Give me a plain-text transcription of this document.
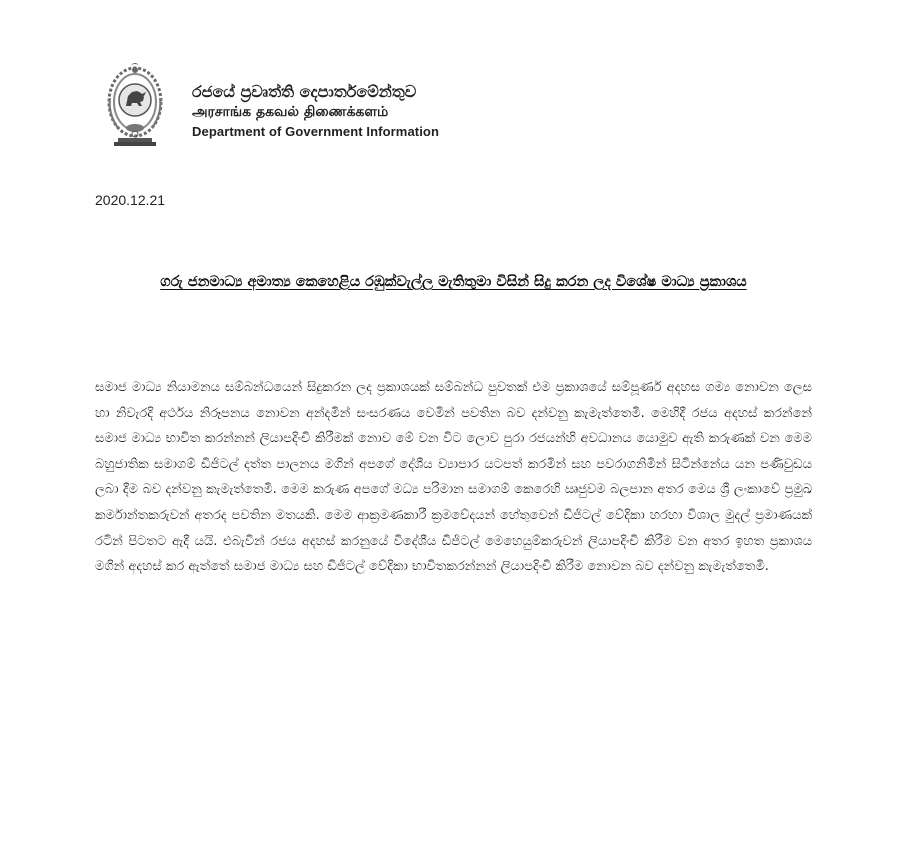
රජයේ ප්‍රවෘත්ති දෙපාර්තමේන්තුව
அரசாங்க தகவல் திணைக்களம்
Department of Government Information
2020.12.21
ගරු ජනමාධ්‍ය අමාත්‍ය කෙහෙළිය රඹුක්වැල්ල මැතිතුමා විසින් සිදු කරන ලද විශේෂ මාධ්‍ය ප්‍රකාශය

සමාජ මාධ්‍ය නියාමනය සම්බන්ධයෙන් සිදුකරන ලද ප්‍රකාශයක් සම්බන්ධ පුවතක් එම ප්‍රකාශයේ සම්පූර්ණ අදහස ගම්‍ය නොවන ලෙස හා නිවැරදි අර්ථය නිරූපනය නොවන අන්දමින් සංසරණය වෙමින් පවතින බව දන්වනු කැමැත්තෙමි. මෙහිදී රජය අදහස් කරන්නේ සමාජ මාධ්‍ය භාවිත කරන්නන් ලියාපදිංචි කිරීමක් නොව මේ වන විට ලොව පුරා රජයන්හි අවධානය යොමුව ඇති කරුණක් වන මෙම බහුජාතික සමාගම් ඩිජිටල් දත්ත පාලනය මගින් අපගේ දේශීය ව්‍යාපාර යටපත් කරමින් සහ පවරාගනිමින් සිටින්නේය යන පණිවුඩය ලබා දීම බව දන්වනු කැමැත්තෙමි. මෙම කරුණ අපගේ මධ්‍ය පරිමාන සමාගම් කෙරෙහි ඍජුවම බලපාන අතර මෙය ශ්‍රී ලංකාවේ ප්‍රමුඛ කර්මාන්තකරුවන් අතරද පවතින මතයකි. මෙම ආක්‍රමණකාරී ක්‍රමවේදයන් හේතුවෙන් ඩිජිටල් වේදිකා හරහා විශාල මුදල් ප්‍රමාණයක් රටින් පිටතට ඇදී යයි. එබැවින් රජය අදහස් කරනුයේ විදේශීය ඩිජිටල් මෙහෙයුම්කරුවන් ලියාපදිංචි කිරීම වන අතර ඉහත ප්‍රකාශය මගින් අදහස් කර ඇත්තේ සමාජ මාධ්‍ය සහ ඩිජිටල් වේදිකා භාවිතකරන්නන් ලියාපදිංචි කිරීම නොවන බව දන්වනු කැමැත්තෙමි.
